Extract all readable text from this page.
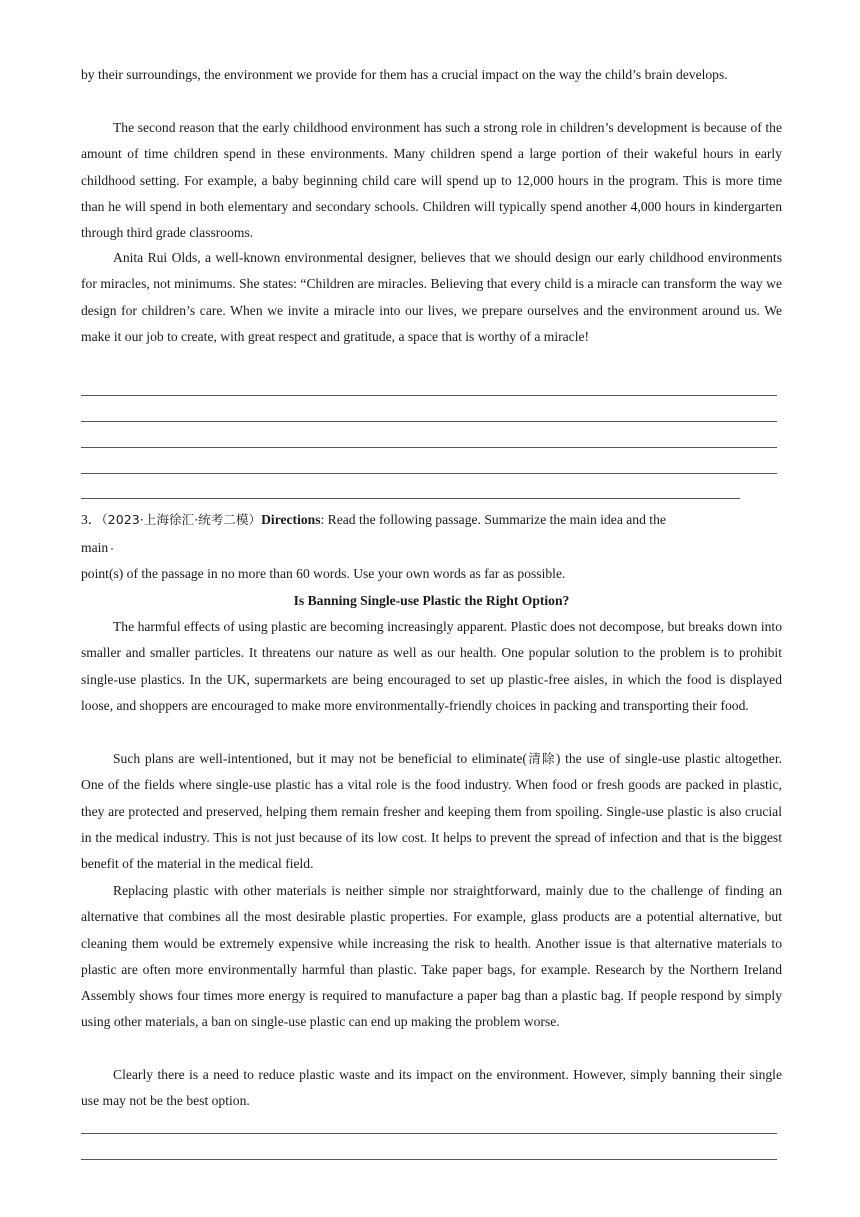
by their surroundings, the environment we provide for them has a crucial impact on the way the child’s brain develops.

The second reason that the early childhood environment has such a strong role in children’s development is because of the amount of time children spend in these environments. Many children spend a large portion of their wakeful hours in early childhood setting. For example, a baby beginning child care will spend up to 12,000 hours in the program. This is more time than he will spend in both elementary and secondary schools. Children will typically spend another 4,000 hours in kindergarten through third grade classrooms.

Anita Rui Olds, a well-known environmental designer, believes that we should design our early childhood environments for miracles, not minimums. She states: “Children are miracles. Believing that every child is a miracle can transform the way we design for children’s care. When we invite a miracle into our lives, we prepare ourselves and the environment around us. We make it our job to create, with great respect and gratitude, a space that is worthy of a miracle!

3．（2023·上海徐汇·统考二模）Directions: Read the following passage. Summarize the main idea and the

main

point(s) of the passage in no more than 60 words. Use your own words as far as possible.

Is Banning Single-use Plastic the Right Option?

The harmful effects of using plastic are becoming increasingly apparent. Plastic does not decompose, but breaks down into smaller and smaller particles. It threatens our nature as well as our health. One popular solution to the problem is to prohibit single-use plastics. In the UK, supermarkets are being encouraged to set up plastic-free aisles, in which the food is displayed loose, and shoppers are encouraged to make more environmentally-friendly choices in packing and transporting their food.

Such plans are well-intentioned, but it may not be beneficial to eliminate(清除) the use of single-use plastic altogether. One of the fields where single-use plastic has a vital role is the food industry. When food or fresh goods are packed in plastic, they are protected and preserved, helping them remain fresher and keeping them from spoiling. Single-use plastic is also crucial in the medical industry. This is not just because of its low cost. It helps to prevent the spread of infection and that is the biggest benefit of the material in the medical field.

Replacing plastic with other materials is neither simple nor straightforward, mainly due to the challenge of finding an alternative that combines all the most desirable plastic properties. For example, glass products are a potential alternative, but cleaning them would be extremely expensive while increasing the risk to health. Another issue is that alternative materials to plastic are often more environmentally harmful than plastic. Take paper bags, for example. Research by the Northern Ireland Assembly shows four times more energy is required to manufacture a paper bag than a plastic bag. If people respond by simply using other materials, a ban on single-use plastic can end up making the problem worse.

Clearly there is a need to reduce plastic waste and its impact on the environment. However, simply banning their single use may not be the best option.
